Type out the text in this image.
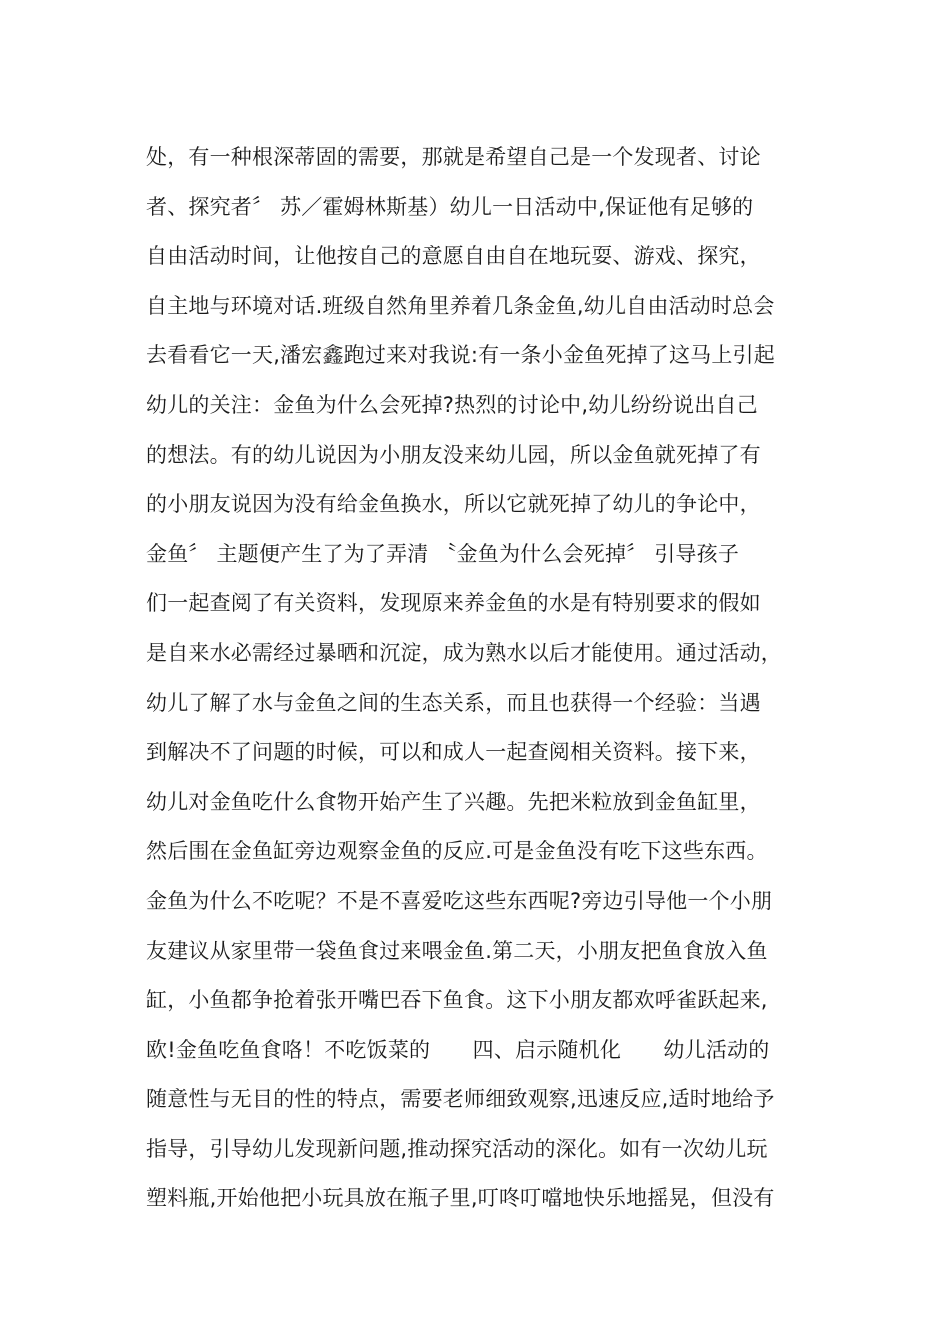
处，有一种根深蒂固的需要，那就是希望自己是一个发现者、讨论
者、探究者〞 苏／霍姆林斯基）幼儿一日活动中,保证他有足够的
自由活动时间，让他按自己的意愿自由自在地玩耍、游戏、探究，
自主地与环境对话.班级自然角里养着几条金鱼,幼儿自由活动时总会
去看看它一天,潘宏鑫跑过来对我说:有一条小金鱼死掉了这马上引起
幼儿的关注：金鱼为什么会死掉?热烈的讨论中,幼儿纷纷说出自己
的想法。有的幼儿说因为小朋友没来幼儿园，所以金鱼就死掉了有
的小朋友说因为没有给金鱼换水，所以它就死掉了幼儿的争论中，
金鱼〞 主题便产生了为了弄清 〝金鱼为什么会死掉〞 引导孩子
们一起查阅了有关资料，发现原来养金鱼的水是有特别要求的假如
是自来水必需经过暴晒和沉淀，成为熟水以后才能使用。通过活动，
幼儿了解了水与金鱼之间的生态关系，而且也获得一个经验：当遇
到解决不了问题的时候，可以和成人一起查阅相关资料。接下来，
幼儿对金鱼吃什么食物开始产生了兴趣。先把米粒放到金鱼缸里，
然后围在金鱼缸旁边观察金鱼的反应.可是金鱼没有吃下这些东西。
金鱼为什么不吃呢？不是不喜爱吃这些东西呢?旁边引导他一个小朋
友建议从家里带一袋鱼食过来喂金鱼.第二天，小朋友把鱼食放入鱼
缸，小鱼都争抢着张开嘴巴吞下鱼食。这下小朋友都欢呼雀跃起来,
欧!金鱼吃鱼食咯！不吃饭菜的　　四、启示随机化　　幼儿活动的
随意性与无目的性的特点，需要老师细致观察,迅速反应,适时地给予
指导，引导幼儿发现新问题,推动探究活动的深化。如有一次幼儿玩
塑料瓶,开始他把小玩具放在瓶子里,叮咚叮噹地快乐地摇晃，但没有
